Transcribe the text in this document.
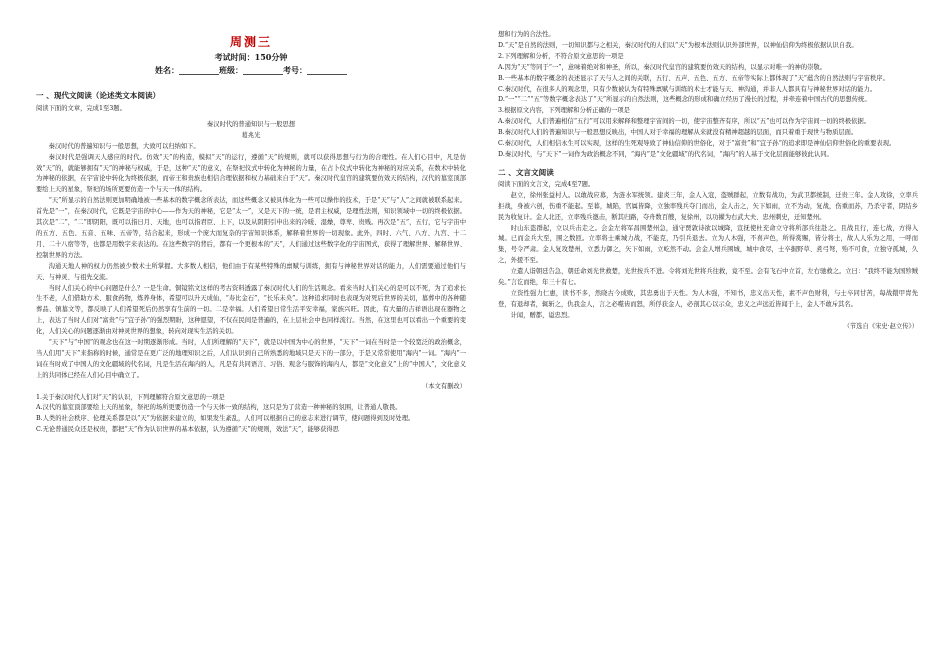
周测三
考试时间：150分钟
姓名：__________班级：__________考号：__________
一 、现代文阅读（论述类文本阅读）

阅读下面的文章，完成1至3题。

秦汉时代的普通知识与一般思想

葛兆光

秦汉时代的普遍知识与一般思想，大致可以归纳如下。

秦汉时代是强调天人感应的时代。仿效“天”的构造，模拟“天”的运行，遵循“天”的规则，就可以获得思想与行为的合理性。在人们心目中，凡是仿效“天”的，就能够拥有“天”的神秘与权威，于是，这种“天”的意义，在祭祀仪式中转化为神秘的力量，在占卜仪式中转化为神秘的对应关系，在数术中转化为神秘的依据，在宇宙论中转化为终极依据，而帝王和贵族也相信合理依据和权力基础来自于“天”。秦汉时代皇宫的建筑要仿效天的结构，汉代的墓室顶部要绘上天的星象，祭祀的场所更要仿造一个与天一体的结构。

“天”所显示的自然法则更加明确地被一些基本的数字概念所表达，而这些概念又被具体化为一些可以操作的技术，于是“天”与“人”之间就被联系起来。首先是“一”，在秦汉时代，它既是宇宙的中心——作为天的神秘，它是“太一”，又是天下的一统，是君主权威，是理性法则，知识领域中一切的终极依据。其次是“二”，“二”即阴阳，既可以指日月、天地，也可以指君臣、上下，以及从阴阳引申出来的冷暖、湿燥，尊卑、贵贱。再次是“五”，五行，它与宇宙中的五方、五色、五音、五味、五帝等，结合起来，形成一个庞大而复杂的宇宙知识体系，解释着世界的一切现象。此外，四时、六气、八方、九宫、十二月、二十八宿等等，也都是用数字来表达的。在这些数字的背后，都有一个更根本的“天”，人们通过这些数字化的宇宙图式，获得了理解世界、解释世界、控制世界的方法。

沟通天地人神的权力仍然被少数术士所掌握。大多数人相信，他们由于有某些特殊的禀赋与训练，拥有与神秘世界对话的能力，人们需要通过他们与天、与神灵、与祖先交流。

当时人们关心的中心问题是什么？一是生命。铜镜铭文这样的考古资料透露了秦汉时代人们的生活观念。看来当时人们关心的是可以不死，为了追求长生不老，人们借助方术、服食药物，炼养身体，希望可以升天成仙，“寿比金石”，“长乐未央”。这种追求同时也表现为对死后世界的关切，墓葬中的各种随葬品、镇墓文等，都反映了人们希望死后仍然享有生前的一切。二是幸福。人们希望日常生活平安幸福，家族兴旺。因此，有大量的吉祥语出现在器物之上，表达了当时人们对“富贵”与“宜子孙”的强烈期盼，这种愿望，不仅在民间是普遍的，在上层社会中也同样流行。当然，在这里也可以看出一个重要的变化，人们关心的问题逐渐由对神灵世界的想象，转向对现实生活的关切。

“天下”与“中国”的观念也在这一时期逐渐形成。当时，人们所理解的“天下”，就是以中国为中心的世界，“天下”一词在当时是一个较宽泛的政治概念，当人们用“天下”来指称的时候，通常是在更广泛的地理知识之后，人们认识到自己所熟悉的地域只是天下的一部分，于是又常常使用“海内”一词。“海内”一词在当时成了中国人的文化疆域的代名词，凡是生活在海内的人，凡是有共同语言、习俗、观念与服饰的海内人，都是“文化意义”上的“中国人”，文化意义上的共同体已经在人们心目中确立了。

（本文有删改）

1.关于秦汉时代人们对“天”的认识，下列理解符合原文意思的一项是

A.汉代的墓室顶部要绘上天的星象，祭祀的场所更要仿造一个与天体一致的结构，这只是为了营造一种神秘的氛围，让普通人敬畏。

B.人类的社会秩序、伦理关系都是以“天”为依据来建立的，如果发生紊乱，人们可以根据自己的意志来进行调节，使问题得到及时处理。

C.无论普通民众还是权贵，都把“天”作为认识世界的基本依据，认为遵循“天”的规则，效法“天”，能够获得思

想和行为的合法性。

D.“天”是自然的法则，一切知识都与之相关，秦汉时代的人们以“天”为根本法则认识外部世界，以神仙信仰为终极依据认识自我。

2.下列理解和分析，不符合原文意思的一项是

A.因为“天”等同于“一”，意味着绝对和神圣，所以，秦汉时代皇宫的建筑要仿效天的结构，以显示对唯一的神的崇敬。

B.一些基本的数字概念的表述显示了天与人之间的关联，五行、五声、五色、五方、五帝等实际上都体现了“天”蕴含的自然法则与宇宙秩序。

C.秦汉时代，在很多人的观念里，只有少数被认为有特殊禀赋与训练的术士才能与天、神沟通，并非人人都具有与神秘世界对话的能力。

D.“一”“二”“五”等数字概念表达了“天”所显示的自然法则，这些概念的形成和确立经历了漫长的过程，并牵连着中国古代的思想传统。

3.根据原文内容，下列理解和分析正确的一项是

A.秦汉时代，人们普遍相信“五行”可以用来解释和整理宇宙间的一切，使宇宙整齐有序，所以“五”也可以作为宇宙间一切的终极依据。

B.秦汉时代人们的普遍知识与一般思想反映出，中国人对于幸福的理解从来就没有精神超越的层面，而只着重于现世与物质层面。

C.秦汉时代，人们相信永生可以实现，这样的生死观导致了神仙信仰的世俗化，对于“富贵”和“宜子孙”的追求即是神仙信仰世俗化的重要表现。

D.秦汉时代，与“天下”一词作为政治概念不同，“海内”是“文化疆域”的代名词，“海内”的人基于文化层面能够彼此认同。

二 、文言文阅读

阅读下面的文言文，完成4至7题。

赵立，徐州张益村人。以敢战应募，为涟水军统领。建炎三年，金人入寇，盗贼群起，立数有战功，为武卫都统制，迁贵三年。金人攻徐，立率兵拒战，身被六创，伤重不能起。至暮，城陷，官属皆降，立独率残兵夺门而出，金人击之，矢下如雨，立不为动，复战，伤重而苏，乃杀守者，阴结乡民为收复计。金人北还，立率残兵邀击，断其归路，夺舟数百艘，复徐州，以功擢为右武大夫、忠州刺史，迁知楚州。

时山东盗群起，立以兵击走之。会金左将军昌围楚州急，通守贾敦诗欲以城降，宣抚使杜充命立守将所部兵往赴之。且战且行，连七战，方得入城。已而金兵大至，围之数匝。立率将士乘城力战，不能克，乃引兵退去。立为人木强，不喜声色，所得赏赐，皆分将士，故人人乐为之用，一呼而集，号令严肃。金人复攻楚州，立悉力御之，矢下如雨，立屹然不动。会金人增兵围城，城中食尽，士卒掘野草、煮弓弩，殆不可食，立独守孤城，久之，外援不至。

立遣人诣朝廷告急，朝廷命刘光世救楚，光世按兵不进。令将刘光世将兵往救，竟不至。会有飞石中立首，左右驰救之。立曰：“我终不能为国殄贼矣。”言讫而绝，年三十有七。

立资性强力仁惠，读书不多，然晓古今成败，其忠勇出于天性。为人木强，不知书，忠义出天性，素不声色财利，与士卒同甘苦，每战擐甲胄先登，有退却者，辄斩之，仇我金人，言之必噬齿而怒，所俘获金人，必剖其心以示众，忠义之声远近皆闻于上，金人不敢斥其名。

计闻，赠都，谥忠烈。

（节选自《宋史·赵立传》）
